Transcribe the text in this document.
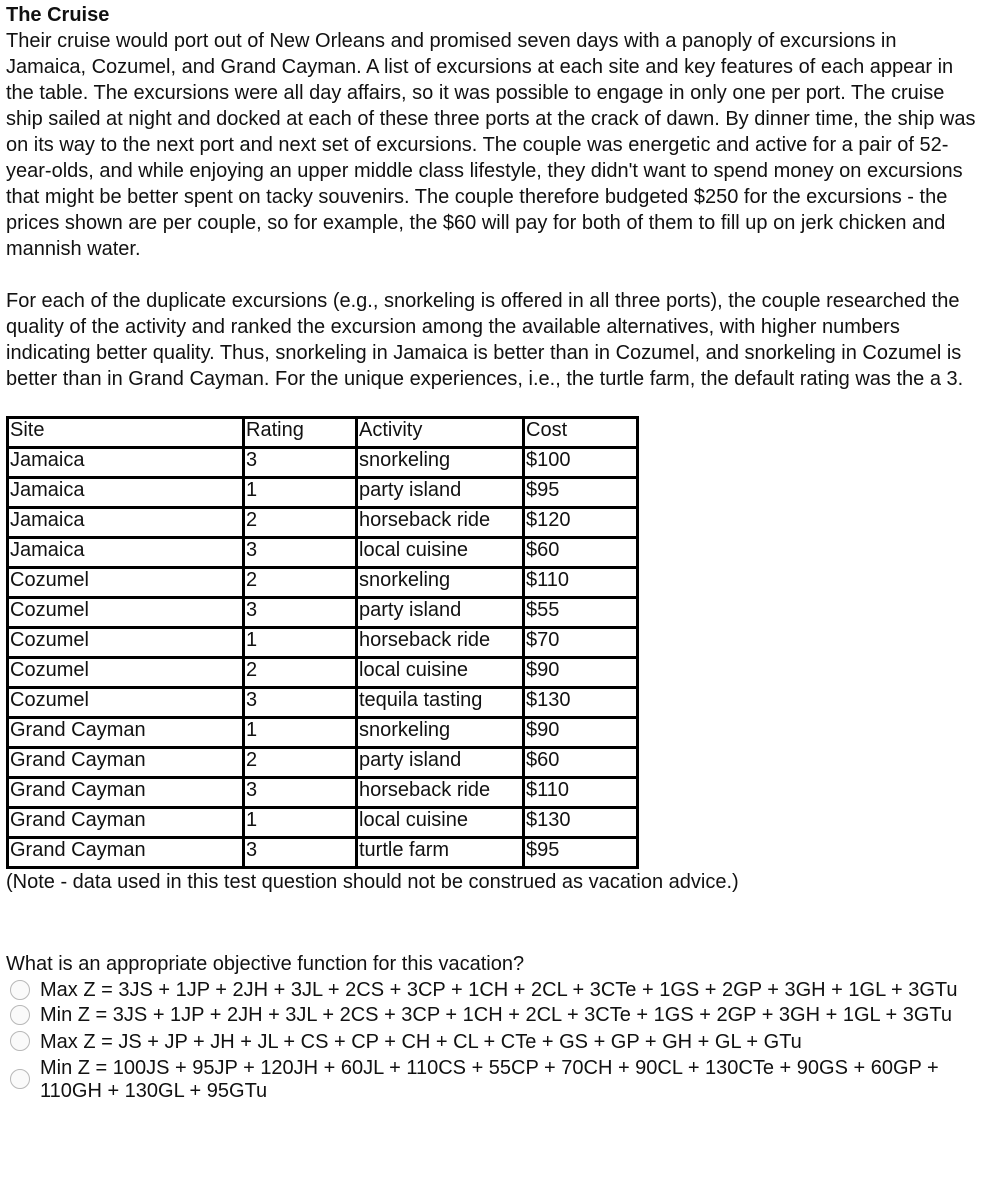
The Cruise

Their cruise would port out of New Orleans and promised seven days with a panoply of excursions in Jamaica, Cozumel, and Grand Cayman. A list of excursions at each site and key features of each appear in the table. The excursions were all day affairs, so it was possible to engage in only one per port. The cruise ship sailed at night and docked at each of these three ports at the crack of dawn. By dinner time, the ship was on its way to the next port and next set of excursions. The couple was energetic and active for a pair of 52-year-olds, and while enjoying an upper middle class lifestyle, they didn't want to spend money on excursions that might be better spent on tacky souvenirs. The couple therefore budgeted $250 for the excursions - the prices shown are per couple, so for example, the $60 will pay for both of them to fill up on jerk chicken and mannish water.

For each of the duplicate excursions (e.g., snorkeling is offered in all three ports), the couple researched the quality of the activity and ranked the excursion among the available alternatives, with higher numbers indicating better quality. Thus, snorkeling in Jamaica is better than in Cozumel, and snorkeling in Cozumel is better than in Grand Cayman. For the unique experiences, i.e., the turtle farm, the default rating was the a 3.

Site	Rating	Activity	Cost
Jamaica	3	snorkeling	$100
Jamaica	1	party island	$95
Jamaica	2	horseback ride	$120
Jamaica	3	local cuisine	$60
Cozumel	2	snorkeling	$110
Cozumel	3	party island	$55
Cozumel	1	horseback ride	$70
Cozumel	2	local cuisine	$90
Cozumel	3	tequila tasting	$130
Grand Cayman	1	snorkeling	$90
Grand Cayman	2	party island	$60
Grand Cayman	3	horseback ride	$110
Grand Cayman	1	local cuisine	$130
Grand Cayman	3	turtle farm	$95

(Note - data used in this test question should not be construed as vacation advice.)

What is an appropriate objective function for this vacation?

Max Z = 3JS + 1JP + 2JH + 3JL + 2CS + 3CP + 1CH + 2CL + 3CTe + 1GS + 2GP + 3GH + 1GL + 3GTu
Min Z = 3JS + 1JP + 2JH + 3JL + 2CS + 3CP + 1CH + 2CL + 3CTe + 1GS + 2GP + 3GH + 1GL + 3GTu
Max Z = JS + JP + JH + JL + CS + CP + CH + CL + CTe + GS + GP + GH + GL + GTu
Min Z = 100JS + 95JP + 120JH + 60JL + 110CS + 55CP + 70CH + 90CL + 130CTe + 90GS + 60GP + 110GH + 130GL + 95GTu
